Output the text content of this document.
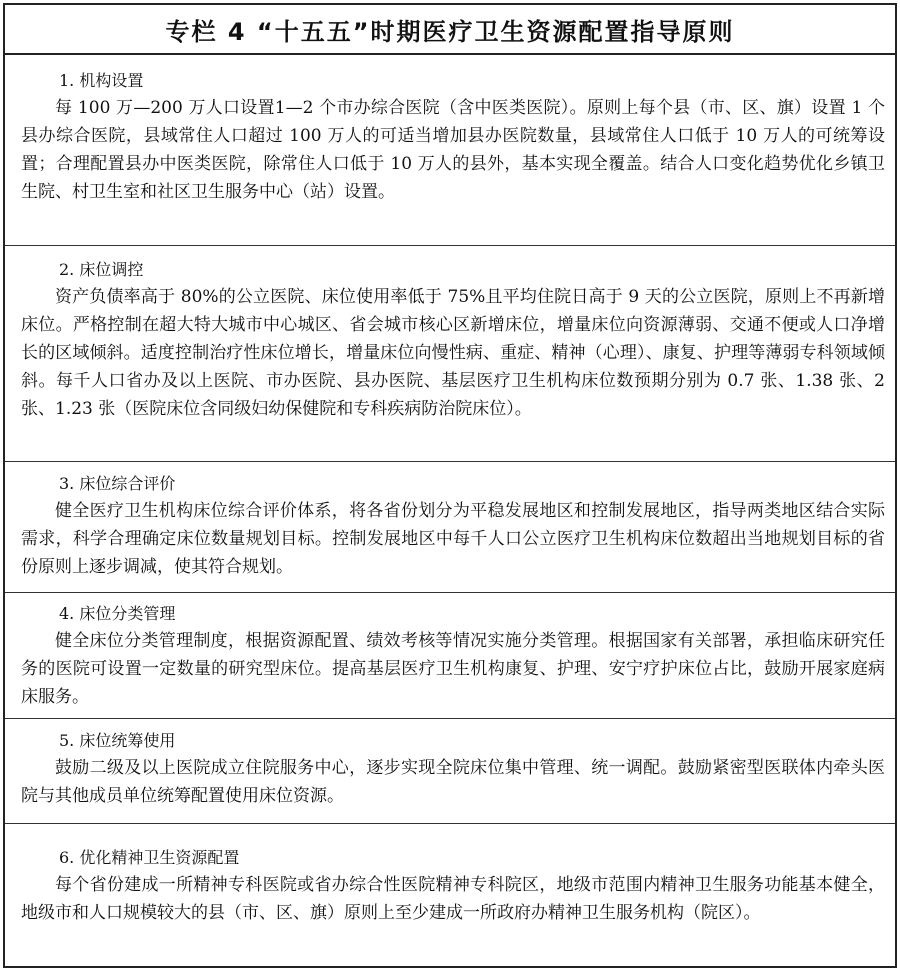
专栏 4 “十五五”时期医疗卫生资源配置指导原则
1. 机构设置
每 100 万—200 万人口设置1—2 个市办综合医院（含中医类医院）。原则上每个县（市、区、旗）设置 1 个县办综合医院，县域常住人口超过 100 万人的可适当增加县办医院数量，县域常住人口低于 10 万人的可统筹设置；合理配置县办中医类医院，除常住人口低于 10 万人的县外，基本实现全覆盖。结合人口变化趋势优化乡镇卫生院、村卫生室和社区卫生服务中心（站）设置。
2. 床位调控
资产负债率高于 80%的公立医院、床位使用率低于 75%且平均住院日高于 9 天的公立医院，原则上不再新增床位。严格控制在超大特大城市中心城区、省会城市核心区新增床位，增量床位向资源薄弱、交通不便或人口净增长的区域倾斜。适度控制治疗性床位增长，增量床位向慢性病、重症、精神（心理）、康复、护理等薄弱专科领域倾斜。每千人口省办及以上医院、市办医院、县办医院、基层医疗卫生机构床位数预期分别为 0.7 张、1.38 张、2 张、1.23 张（医院床位含同级妇幼保健院和专科疾病防治院床位）。
3. 床位综合评价
健全医疗卫生机构床位综合评价体系，将各省份划分为平稳发展地区和控制发展地区，指导两类地区结合实际需求，科学合理确定床位数量规划目标。控制发展地区中每千人口公立医疗卫生机构床位数超出当地规划目标的省份原则上逐步调减，使其符合规划。
4. 床位分类管理
健全床位分类管理制度，根据资源配置、绩效考核等情况实施分类管理。根据国家有关部署，承担临床研究任务的医院可设置一定数量的研究型床位。提高基层医疗卫生机构康复、护理、安宁疗护床位占比，鼓励开展家庭病床服务。
5. 床位统筹使用
鼓励二级及以上医院成立住院服务中心，逐步实现全院床位集中管理、统一调配。鼓励紧密型医联体内牵头医院与其他成员单位统筹配置使用床位资源。
6. 优化精神卫生资源配置
每个省份建成一所精神专科医院或省办综合性医院精神专科院区，地级市范围内精神卫生服务功能基本健全，地级市和人口规模较大的县（市、区、旗）原则上至少建成一所政府办精神卫生服务机构（院区）。
